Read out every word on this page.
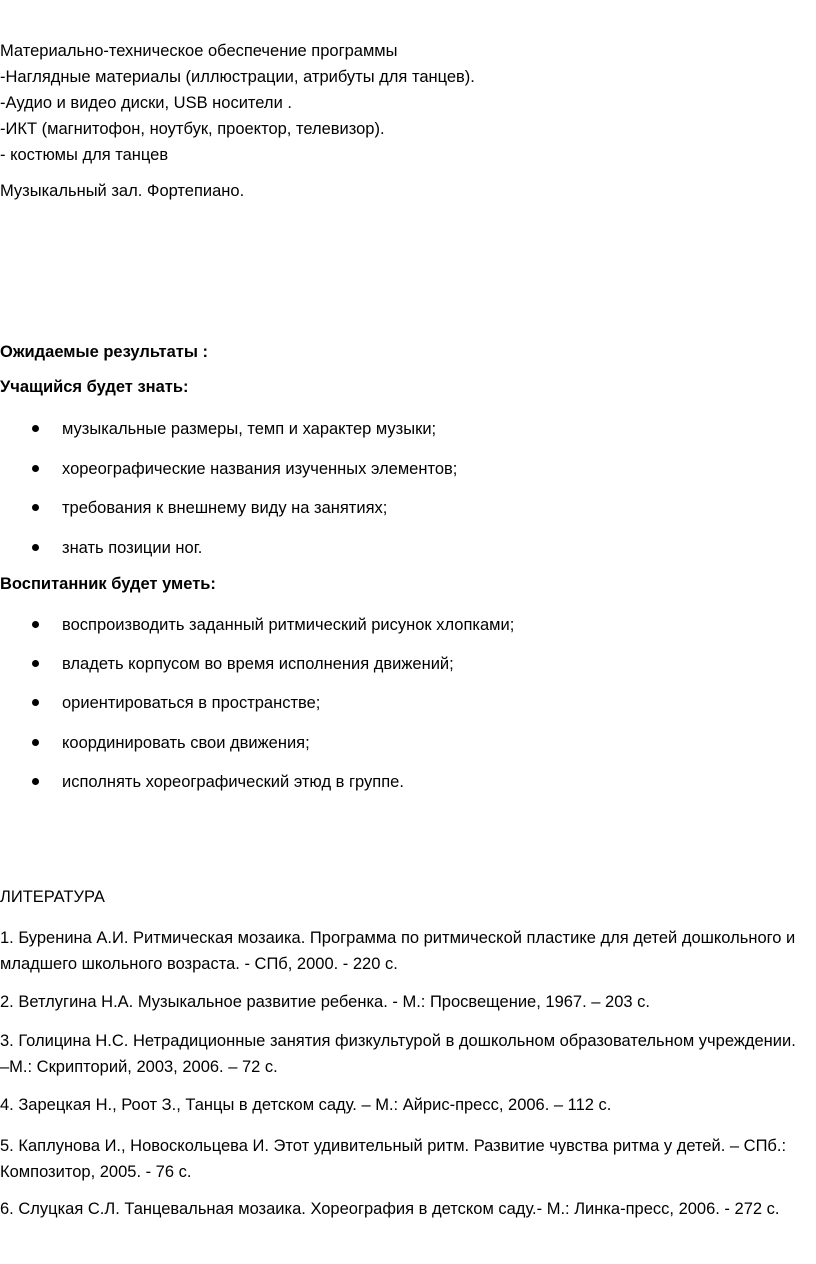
Материально-техническое обеспечение программы
-Наглядные материалы (иллюстрации, атрибуты для танцев).
-Аудио и видео диски, USB носители .
-ИКТ (магнитофон, ноутбук, проектор, телевизор).
- костюмы для танцев
Музыкальный зал. Фортепиано.
Ожидаемые результаты :
Учащийся будет знать:
музыкальные размеры, темп и характер музыки;
хореографические названия изученных элементов;
требования к внешнему виду на занятиях;
знать позиции ног.
Воспитанник будет уметь:
воспроизводить заданный ритмический рисунок хлопками;
владеть корпусом во время исполнения движений;
ориентироваться в пространстве;
координировать свои движения;
исполнять хореографический этюд в группе.
ЛИТЕРАТУРА
1. Буренина А.И. Ритмическая мозаика. Программа по ритмической пластике для детей дошкольного и младшего школьного возраста. - СПб, 2000. - 220 с.
2. Ветлугина Н.А. Музыкальное развитие ребенка. - М.: Просвещение, 1967. – 203 с.
3. Голицина Н.С. Нетрадиционные занятия физкультурой в дошкольном образовательном учреждении. –М.: Скрипторий, 2003, 2006. – 72 с.
4. Зарецкая Н., Роот З., Танцы в детском саду. – М.: Айрис-пресс, 2006. – 112 с.
5. Каплунова И., Новоскольцева И. Этот удивительный ритм. Развитие чувства ритма у детей. – СПб.: Композитор, 2005. - 76 с.
6. Слуцкая С.Л. Танцевальная мозаика. Хореография в детском саду.- М.: Линка-пресс, 2006. - 272 с.
